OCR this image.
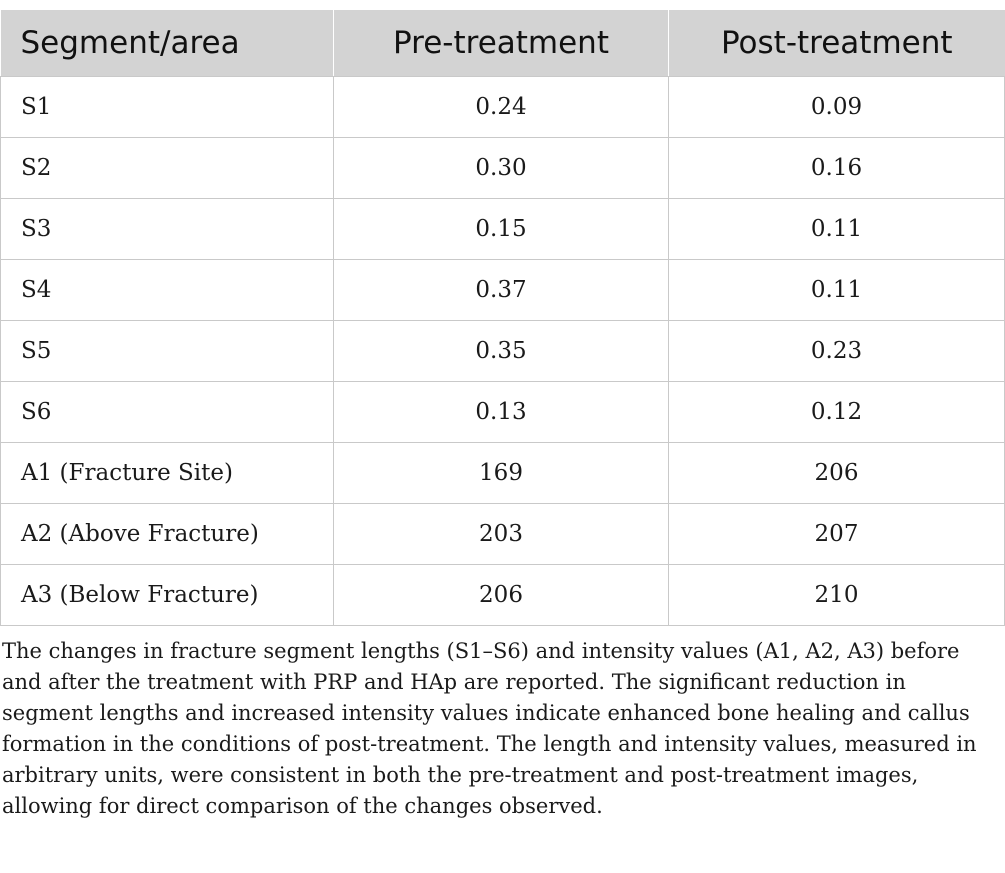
Segment/area	Pre-treatment	Post-treatment
S1	0.24	0.09
S2	0.30	0.16
S3	0.15	0.11
S4	0.37	0.11
S5	0.35	0.23
S6	0.13	0.12
A1 (Fracture Site)	169	206
A2 (Above Fracture)	203	207
A3 (Below Fracture)	206	210

The changes in fracture segment lengths (S1–S6) and intensity values (A1, A2, A3) before and after the treatment with PRP and HAp are reported. The significant reduction in segment lengths and increased intensity values indicate enhanced bone healing and callus formation in the conditions of post-treatment. The length and intensity values, measured in arbitrary units, were consistent in both the pre-treatment and post-treatment images, allowing for direct comparison of the changes observed.
